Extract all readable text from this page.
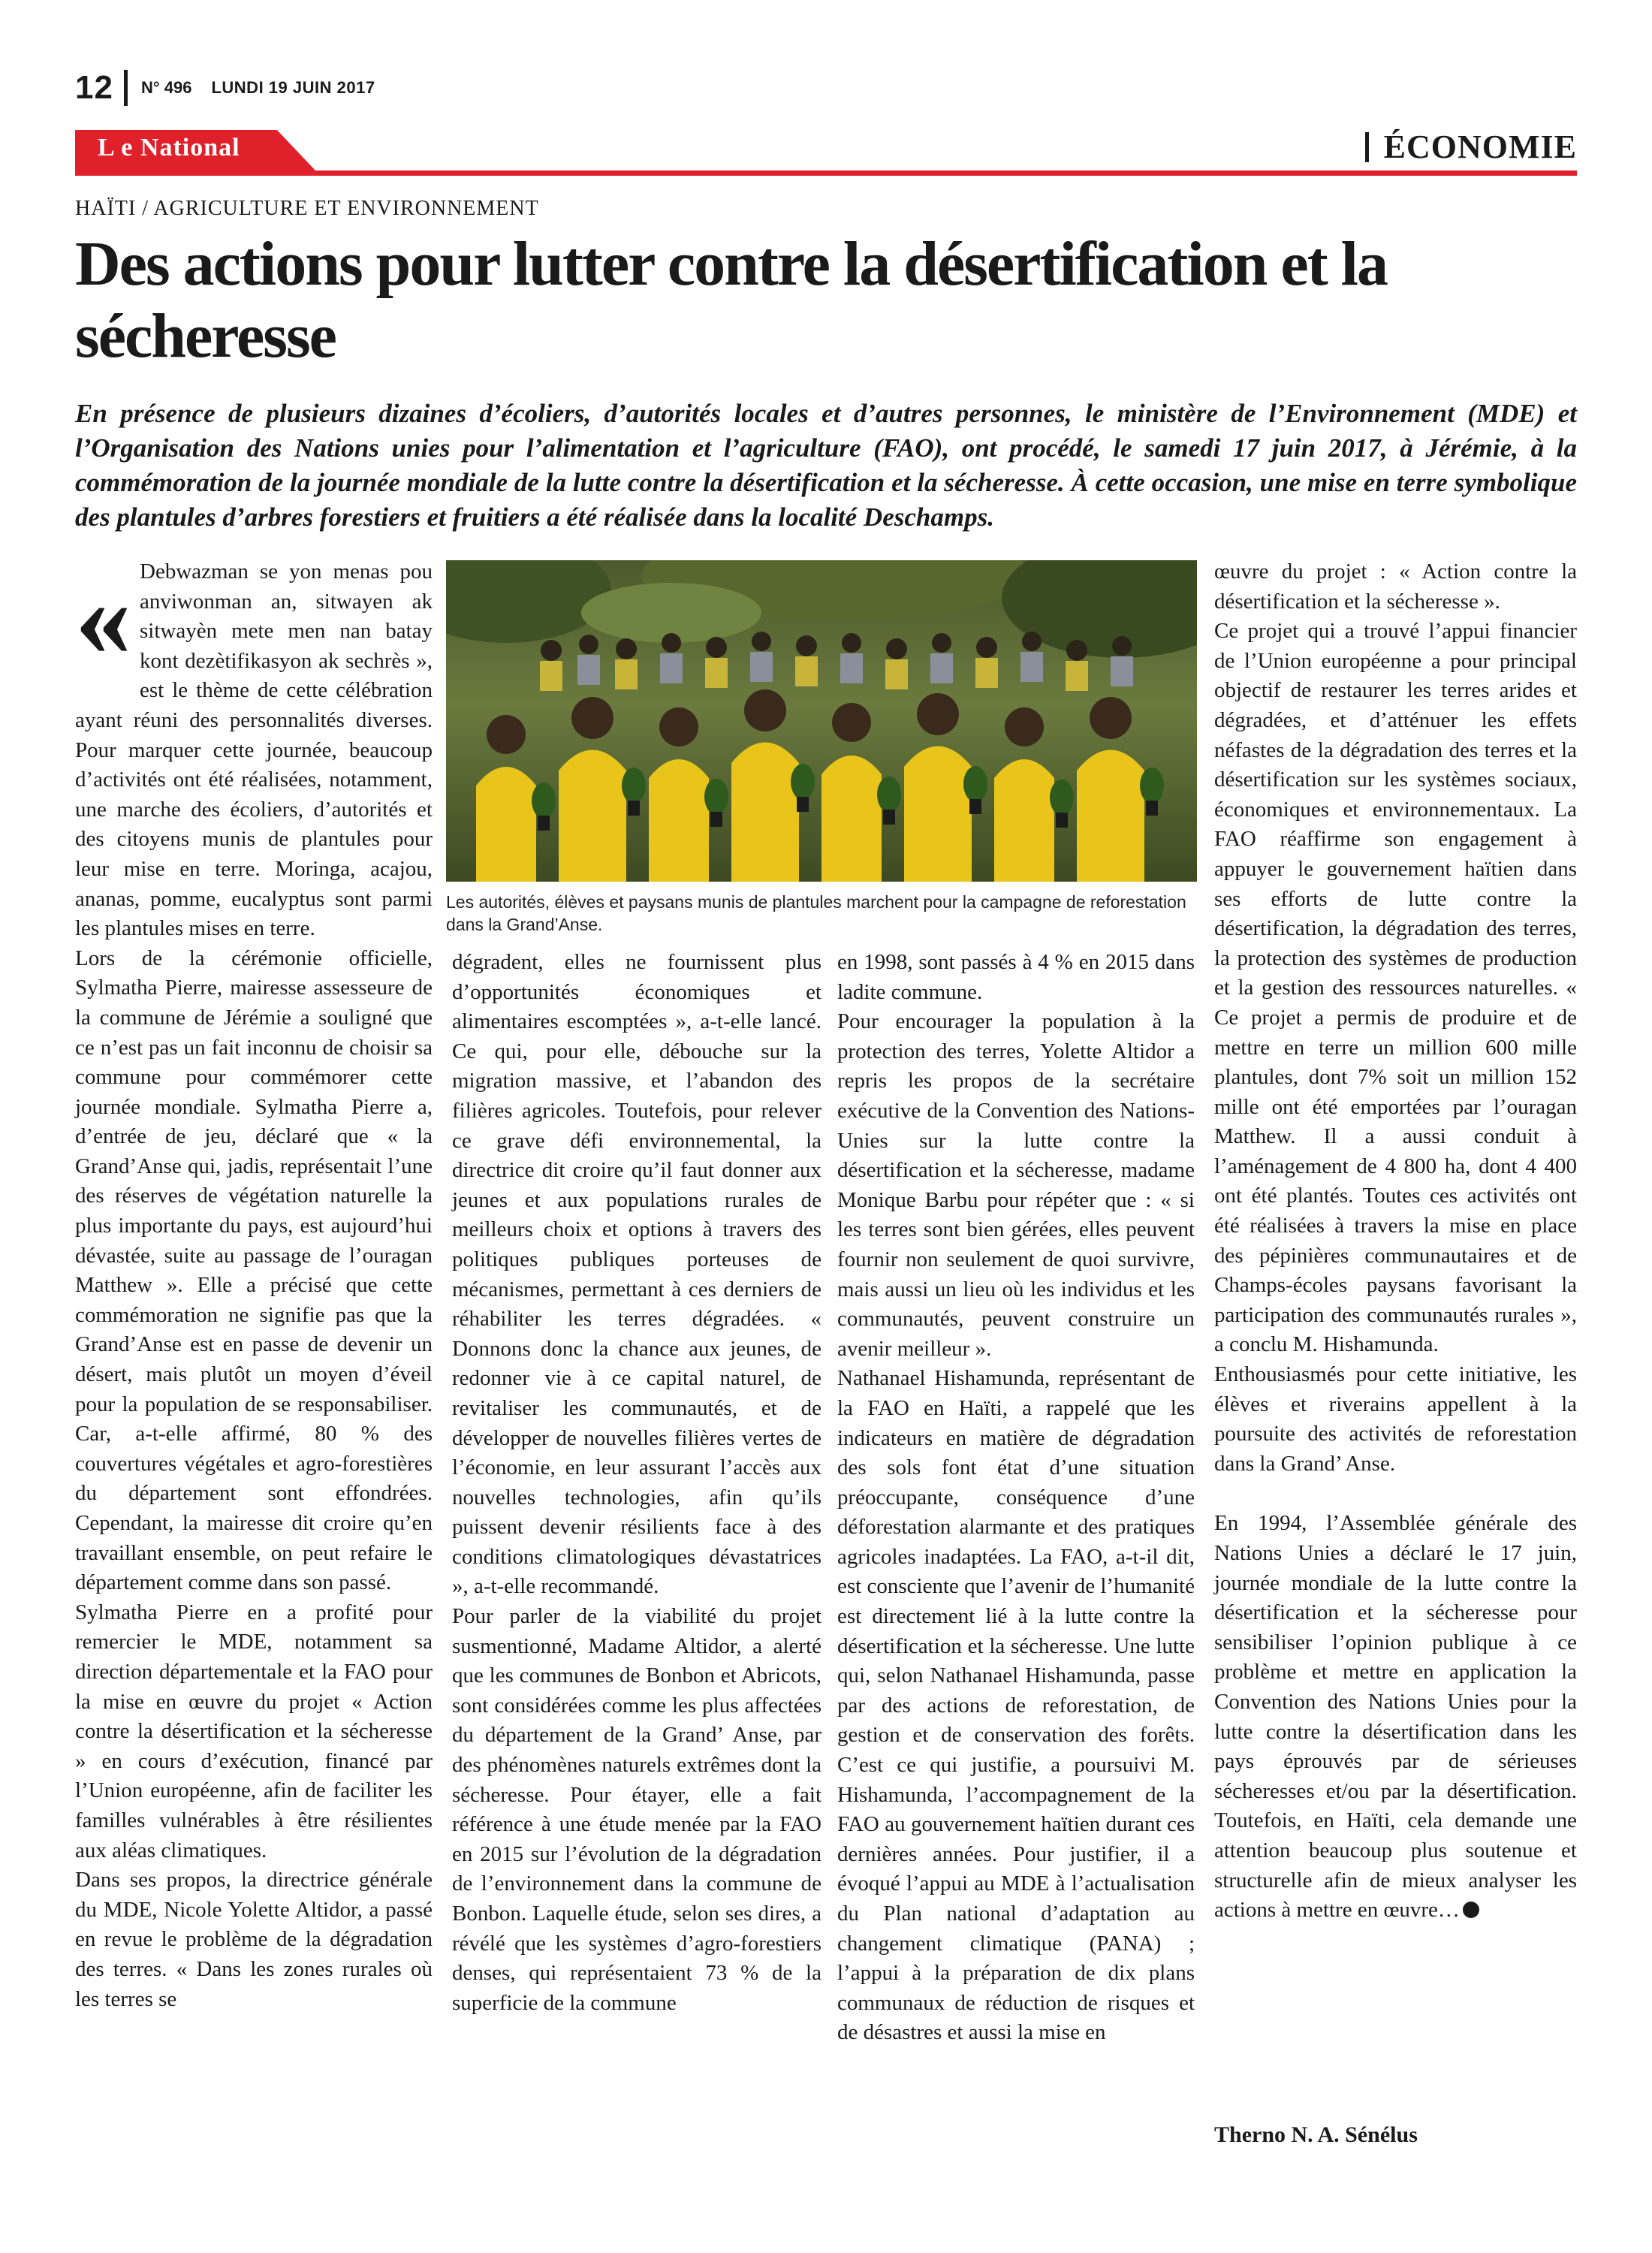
12 N° 496 LUNDI 19 JUIN 2017
L e National	ÉCONOMIE
HAÏTI / AGRICULTURE ET ENVIRONNEMENT
Des actions pour lutter contre la désertification et la sécheresse
En présence de plusieurs dizaines d’écoliers, d’autorités locales et d’autres personnes, le ministère de l’Environnement (MDE) et l’Organisation des Nations unies pour l’alimentation et l’agriculture (FAO), ont procédé, le samedi 17 juin 2017, à Jérémie, à la commémoration de la journée mondiale de la lutte contre la désertification et la sécheresse. À cette occasion, une mise en terre symbolique des plantules d’arbres forestiers et fruitiers a été réalisée dans la localité Deschamps.
« Debwazman se yon menas pou anviwonman an, sitwayen ak sitwayèn mete men nan batay kont dezètifikasyon ak sechrès », est le thème de cette célébration ayant réuni des personnalités diverses. Pour marquer cette journée, beaucoup d’activités ont été réalisées, notamment, une marche des écoliers, d’autorités et des citoyens munis de plantules pour leur mise en terre. Moringa, acajou, ananas, pomme, eucalyptus sont parmi les plantules mises en terre.

Lors de la cérémonie officielle, Sylmatha Pierre, mairesse assesseure de la commune de Jérémie a souligné que ce n’est pas un fait inconnu de choisir sa commune pour commémorer cette journée mondiale. Sylmatha Pierre a, d’entrée de jeu, déclaré que « la Grand’Anse qui, jadis, représentait l’une des réserves de végétation naturelle la plus importante du pays, est aujourd’hui dévastée, suite au passage de l’ouragan Matthew ». Elle a précisé que cette commémoration ne signifie pas que la Grand’Anse est en passe de devenir un désert, mais plutôt un moyen d’éveil pour la population de se responsabiliser. Car, a-t-elle affirmé, 80 % des couvertures végétales et agro-forestières du département sont effondrées. Cependant, la mairesse dit croire qu’en travaillant ensemble, on peut refaire le département comme dans son passé.

Sylmatha Pierre en a profité pour remercier le MDE, notamment sa direction départementale et la FAO pour la mise en œuvre du projet « Action contre la désertification et la sécheresse » en cours d’exécution, financé par l’Union européenne, afin de faciliter les familles vulnérables à être résilientes aux aléas climatiques.

Dans ses propos, la directrice générale du MDE, Nicole Yolette Altidor, a passé en revue le problème de la dégradation des terres. « Dans les zones rurales où les terres se

Les autorités, élèves et paysans munis de plantules marchent pour la campagne de reforestation dans la Grand’Anse.

dégradent, elles ne fournissent plus d’opportunités économiques et alimentaires escomptées », a-t-elle lancé. Ce qui, pour elle, débouche sur la migration massive, et l’abandon des filières agricoles. Toutefois, pour relever ce grave défi environnemental, la directrice dit croire qu’il faut donner aux jeunes et aux populations rurales de meilleurs choix et options à travers des politiques publiques porteuses de mécanismes, permettant à ces derniers de réhabiliter les terres dégradées. « Donnons donc la chance aux jeunes, de redonner vie à ce capital naturel, de revitaliser les communautés, et de développer de nouvelles filières vertes de l’économie, en leur assurant l’accès aux nouvelles technologies, afin qu’ils puissent devenir résilients face à des conditions climatologiques dévastatrices », a-t-elle recommandé.

Pour parler de la viabilité du projet susmentionné, Madame Altidor, a alerté que les communes de Bonbon et Abricots, sont considérées comme les plus affectées du département de la Grand’ Anse, par des phénomènes naturels extrêmes dont la sécheresse. Pour étayer, elle a fait référence à une étude menée par la FAO en 2015 sur l’évolution de la dégradation de l’environnement dans la commune de Bonbon. Laquelle étude, selon ses dires, a révélé que les systèmes d’agro-forestiers denses, qui représentaient 73 % de la superficie de la commune

en 1998, sont passés à 4 % en 2015 dans ladite commune.

Pour encourager la population à la protection des terres, Yolette Altidor a repris les propos de la secrétaire exécutive de la Convention des Nations-Unies sur la lutte contre la désertification et la sécheresse, madame Monique Barbu pour répéter que : « si les terres sont bien gérées, elles peuvent fournir non seulement de quoi survivre, mais aussi un lieu où les individus et les communautés, peuvent construire un avenir meilleur ».

Nathanael Hishamunda, représentant de la FAO en Haïti, a rappelé que les indicateurs en matière de dégradation des sols font état d’une situation préoccupante, conséquence d’une déforestation alarmante et des pratiques agricoles inadaptées. La FAO, a-t-il dit, est consciente que l’avenir de l’humanité est directement lié à la lutte contre la désertification et la sécheresse. Une lutte qui, selon Nathanael Hishamunda, passe par des actions de reforestation, de gestion et de conservation des forêts. C’est ce qui justifie, a poursuivi M. Hishamunda, l’accompagnement de la FAO au gouvernement haïtien durant ces dernières années. Pour justifier, il a évoqué l’appui au MDE à l’actualisation du Plan national d’adaptation au changement climatique (PANA) ; l’appui à la préparation de dix plans communaux de réduction de risques et de désastres et aussi la mise en

œuvre du projet : « Action contre la désertification et la sécheresse ».

Ce projet qui a trouvé l’appui financier de l’Union européenne a pour principal objectif de restaurer les terres arides et dégradées, et d’atténuer les effets néfastes de la dégradation des terres et la désertification sur les systèmes sociaux, économiques et environnementaux. La FAO réaffirme son engagement à appuyer le gouvernement haïtien dans ses efforts de lutte contre la désertification, la dégradation des terres, la protection des systèmes de production et la gestion des ressources naturelles. « Ce projet a permis de produire et de mettre en terre un million 600 mille plantules, dont 7% soit un million 152 mille ont été emportées par l’ouragan Matthew. Il a aussi conduit à l’aménagement de 4 800 ha, dont 4 400 ont été plantés. Toutes ces activités ont été réalisées à travers la mise en place des pépinières communautaires et de Champs-écoles paysans favorisant la participation des communautés rurales », a conclu M. Hishamunda.

Enthousiasmés pour cette initiative, les élèves et riverains appellent à la poursuite des activités de reforestation dans la Grand’ Anse.

En 1994, l’Assemblée générale des Nations Unies a déclaré le 17 juin, journée mondiale de la lutte contre la désertification et la sécheresse pour sensibiliser l’opinion publique à ce problème et mettre en application la Convention des Nations Unies pour la lutte contre la désertification dans les pays éprouvés par de sérieuses sécheresses et/ou par la désertification. Toutefois, en Haïti, cela demande une attention beaucoup plus soutenue et structurelle afin de mieux analyser les actions à mettre en œuvre…

Therno N. A. Sénélus
